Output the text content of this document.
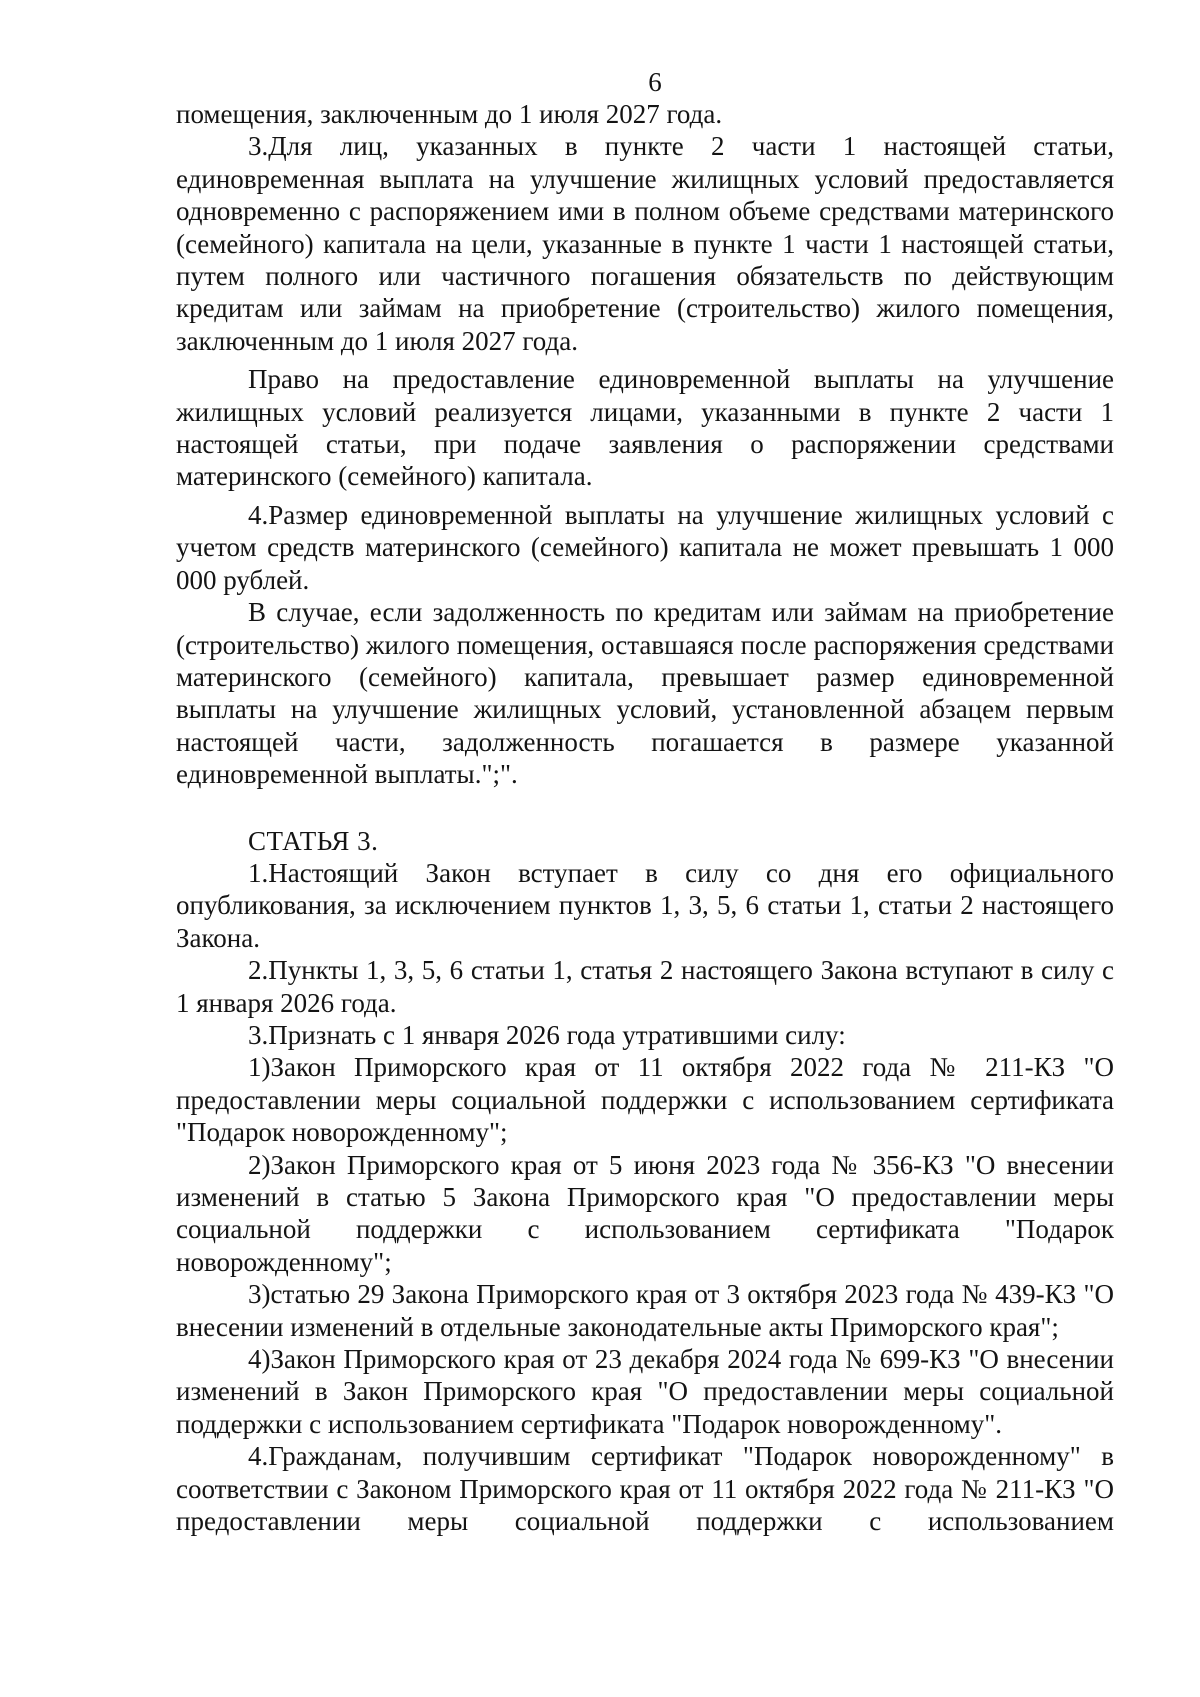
6

помещения, заключенным до 1 июля 2027 года.

3.Для лиц, указанных в пункте 2 части 1 настоящей статьи, единовременная выплата на улучшение жилищных условий предоставляется одновременно с распоряжением ими в полном объеме средствами материнского (семейного) капитала на цели, указанные в пункте 1 части 1 настоящей статьи, путем полного или частичного погашения обязательств по действующим кредитам или займам на приобретение (строительство) жилого помещения, заключенным до 1 июля 2027 года.

Право на предоставление единовременной выплаты на улучшение жилищных условий реализуется лицами, указанными в пункте 2 части 1 настоящей статьи, при подаче заявления о распоряжении средствами материнского (семейного) капитала.

4.Размер единовременной выплаты на улучшение жилищных условий с учетом средств материнского (семейного) капитала не может превышать 1 000 000 рублей.

В случае, если задолженность по кредитам или займам на приобретение (строительство) жилого помещения, оставшаяся после распоряжения средствами материнского (семейного) капитала, превышает размер единовременной выплаты на улучшение жилищных условий, установленной абзацем первым настоящей части, задолженность погашается в размере указанной единовременной выплаты.";".

СТАТЬЯ 3.

1.Настоящий Закон вступает в силу со дня его официального опубликования, за исключением пунктов 1, 3, 5, 6 статьи 1, статьи 2 настоящего Закона.

2.Пункты 1, 3, 5, 6 статьи 1, статья 2 настоящего Закона вступают в силу с 1 января 2026 года.

3.Признать с 1 января 2026 года утратившими силу:

1)Закон Приморского края от 11 октября 2022 года № 211-КЗ "О предоставлении меры социальной поддержки с использованием сертификата "Подарок новорожденному";

2)Закон Приморского края от 5 июня 2023 года № 356-КЗ "О внесении изменений в статью 5 Закона Приморского края "О предоставлении меры социальной поддержки с использованием сертификата "Подарок новорожденному";

3)статью 29 Закона Приморского края от 3 октября 2023 года № 439-КЗ "О внесении изменений в отдельные законодательные акты Приморского края";

4)Закон Приморского края от 23 декабря 2024 года № 699-КЗ "О внесении изменений в Закон Приморского края "О предоставлении меры социальной поддержки с использованием сертификата "Подарок новорожденному".

4.Гражданам, получившим сертификат "Подарок новорожденному" в соответствии с Законом Приморского края от 11 октября 2022 года № 211-КЗ "О предоставлении меры социальной поддержки с использованием
